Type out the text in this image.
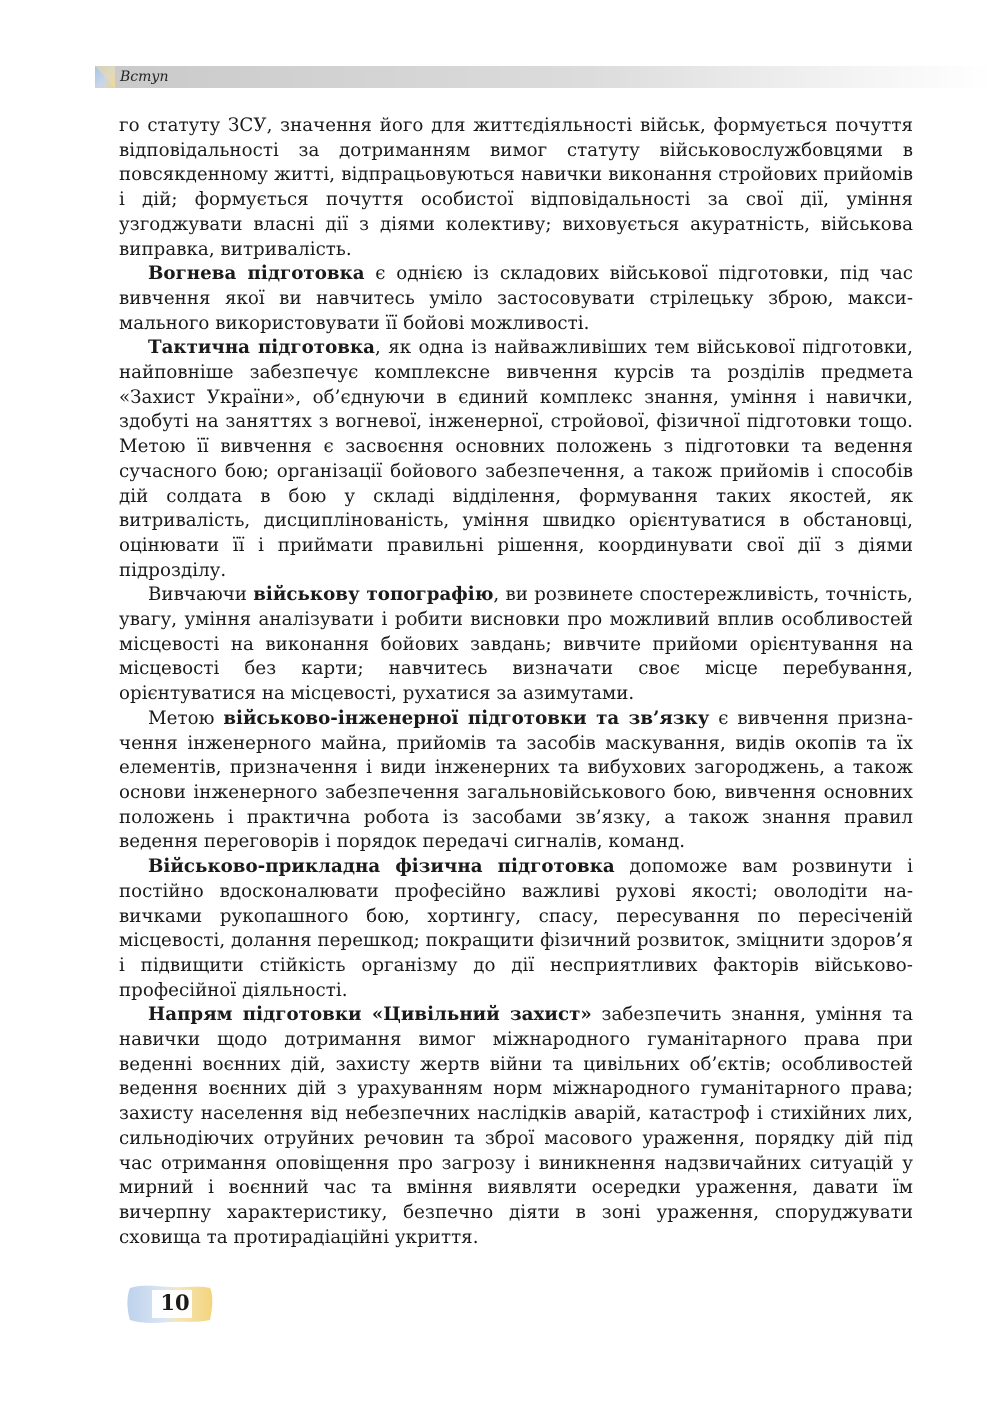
Вступ

го статуту ЗСУ, значення його для життєдіяльності військ, формується почуття відповідальності за дотриманням вимог статуту військовослужбовцями в повсякденному житті, відпрацьовуються навички виконання стройових прийомів і дій; формується почуття особистої відповідальності за свої дії, уміння узгоджувати власні дії з діями колективу; виховується акуратність, військова виправка, витривалість.

Вогнева підготовка є однією із складових військової підготовки, під час вивчення якої ви навчитесь уміло застосовувати стрілецьку зброю, максимального використовувати її бойові можливості.

Тактична підготовка, як одна із найважливіших тем військової підготовки, найповніше забезпечує комплексне вивчення курсів та розділів предмета «Захист України», об’єднуючи в єдиний комплекс знання, уміння і навички, здобуті на заняттях з вогневої, інженерної, стройової, фізичної підготовки тощо. Метою її вивчення є засвоєння основних положень з підготовки та ведення сучасного бою; організації бойового забезпечення, а також прийомів і способів дій солдата в бою у складі відділення, формування таких якостей, як витривалість, дисциплінованість, уміння швидко орієнтуватися в обстановці, оцінювати її і приймати правильні рішення, координувати свої дії з діями підрозділу.

Вивчаючи військову топографію, ви розвинете спостережливість, точність, увагу, уміння аналізувати і робити висновки про можливий вплив особливостей місцевості на виконання бойових завдань; вивчите прийоми орієнтування на місцевості без карти; навчитесь визначати своє місце перебування, орієнтуватися на місцевості, рухатися за азимутами.

Метою військово-інженерної підготовки та зв’язку є вивчення призначення інженерного майна, прийомів та засобів маскування, видів окопів та їх елементів, призначення і види інженерних та вибухових загороджень, а також основи інженерного забезпечення загальновійськового бою, вивчення основних положень і практична робота із засобами зв’язку, а також знання правил ведення переговорів і порядок передачі сигналів, команд.

Військово-прикладна фізична підготовка допоможе вам розвинути і постійно вдосконалювати професійно важливі рухові якості; оволодіти навичками рукопашного бою, хортингу, спасу, пересування по пересіченій місцевості, долання перешкод; покращити фізичний розвиток, зміцнити здоров’я і підвищити стійкість організму до дії несприятливих факторів військово-професійної діяльності.

Напрям підготовки «Цивільний захист» забезпечить знання, уміння та навички щодо дотримання вимог міжнародного гуманітарного права при веденні воєнних дій, захисту жертв війни та цивільних об’єктів; особливостей ведення воєнних дій з урахуванням норм міжнародного гуманітарного права; захисту населення від небезпечних наслідків аварій, катастроф і стихійних лих, сильнодіючих отруйних речовин та зброї масового ураження, порядку дій під час отримання оповіщення про загрозу і виникнення надзвичайних ситуацій у мирний і воєнний час та вміння виявляти осередки ураження, давати їм вичерпну характеристику, безпечно діяти в зоні ураження, споруджувати сховища та протирадіаційні укриття.

10
